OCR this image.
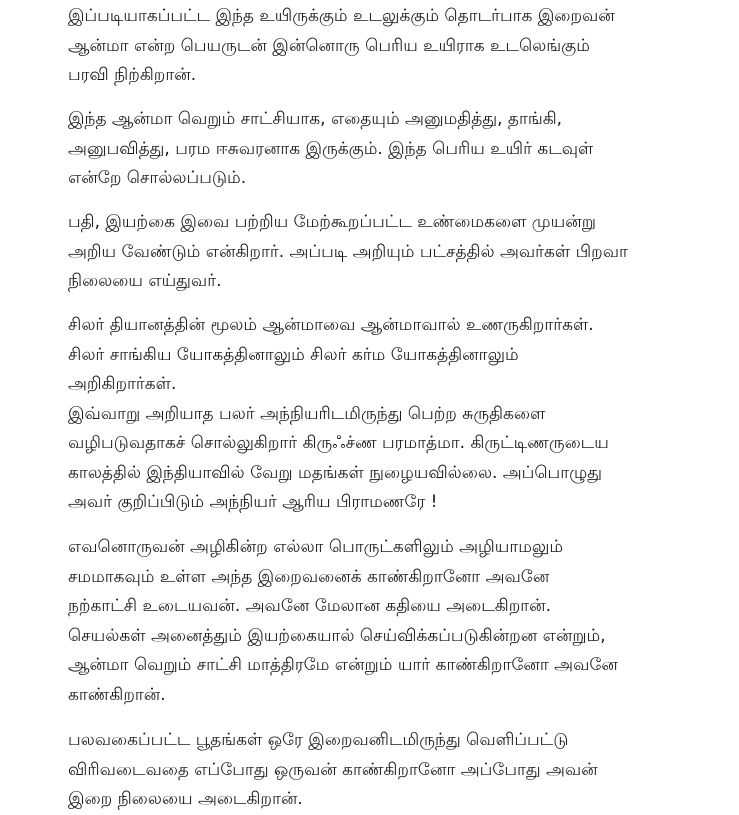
இப்படியாகப்பட்ட இந்த உயிருக்கும் உடலுக்கும் தொடர்பாக இறைவன்
ஆன்மா என்ற பெயருடன் இன்னொரு பெரிய உயிராக உடலெங்கும்
பரவி நிற்கிறான்.
இந்த ஆன்மா வெறும் சாட்சியாக, எதையும் அனுமதித்து, தாங்கி,
அனுபவித்து, பரம ஈசுவரனாக இருக்கும். இந்த பெரிய உயிர் கடவுள்
என்றே சொல்லப்படும்.
பதி, இயற்கை இவை பற்றிய மேற்கூறப்பட்ட உண்மைகளை முயன்று
அறிய வேண்டும் என்கிறார். அப்படி அறியும் பட்சத்தில் அவர்கள் பிறவா
நிலையை எய்துவர்.
சிலர் தியானத்தின் மூலம் ஆன்மாவை ஆன்மாவால் உணருகிறார்கள்.
சிலர் சாங்கிய யோகத்தினாலும் சிலர் கர்ம யோகத்தினாலும்
அறிகிறார்கள்.
இவ்வாறு அறியாத பலர் அந்நியரிடமிருந்து பெற்ற சுருதிகளை
வழிபடுவதாகச் சொல்லுகிறார் கிருஃச்ண பரமாத்மா. கிருட்டிணருடைய
காலத்தில் இந்தியாவில் வேறு மதங்கள் நுழையவில்லை. அப்பொழுது
அவர் குறிப்பிடும் அந்நியர் ஆரிய பிராமணரே !
எவனொருவன் அழிகின்ற எல்லா பொருட்களிலும் அழியாமலும்
சமமாகவும் உள்ள அந்த இறைவனைக் காண்கிறானோ அவனே
நற்காட்சி உடையவன். அவனே மேலான கதியை அடைகிறான்.
செயல்கள் அனைத்தும் இயற்கையால் செய்விக்கப்படுகின்றன என்றும்,
ஆன்மா வெறும் சாட்சி மாத்திரமே என்றும் யார் காண்கிறானோ அவனே
காண்கிறான்.
பலவகைப்பட்ட பூதங்கள் ஒரே இறைவனிடமிருந்து வெளிப்பட்டு
விரிவடைவதை எப்போது ஒருவன் காண்கிறானோ அப்போது அவன்
இறை நிலையை அடைகிறான்.
